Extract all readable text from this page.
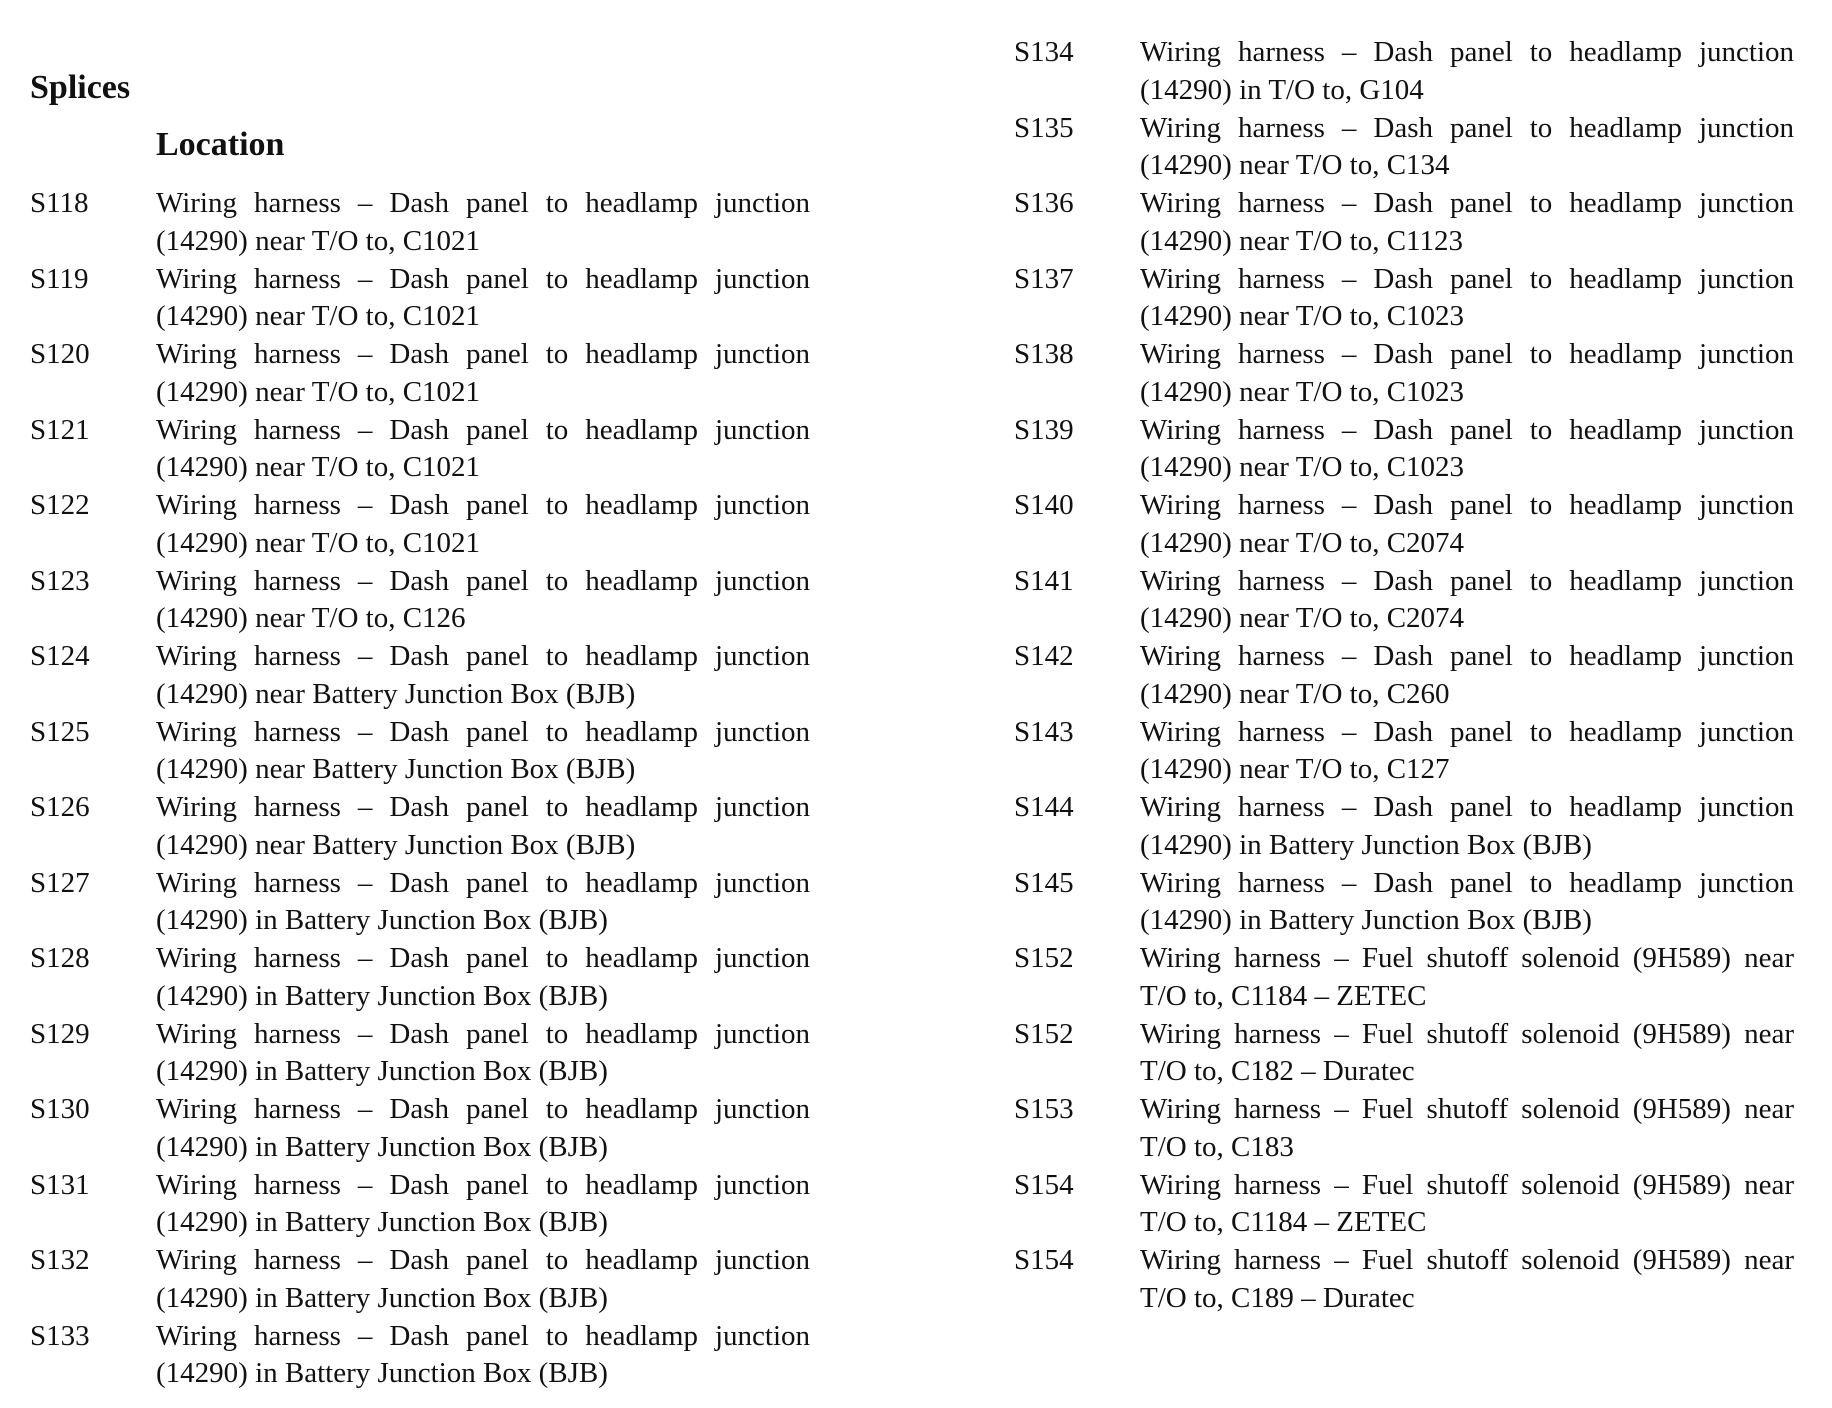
Splices
Location
S118	Wiring harness – Dash panel to headlamp junction (14290) near T/O to, C1021
S119	Wiring harness – Dash panel to headlamp junction (14290) near T/O to, C1021
S120	Wiring harness – Dash panel to headlamp junction (14290) near T/O to, C1021
S121	Wiring harness – Dash panel to headlamp junction (14290) near T/O to, C1021
S122	Wiring harness – Dash panel to headlamp junction (14290) near T/O to, C1021
S123	Wiring harness – Dash panel to headlamp junction (14290) near T/O to, C126
S124	Wiring harness – Dash panel to headlamp junction (14290) near Battery Junction Box (BJB)
S125	Wiring harness – Dash panel to headlamp junction (14290) near Battery Junction Box (BJB)
S126	Wiring harness – Dash panel to headlamp junction (14290) near Battery Junction Box (BJB)
S127	Wiring harness – Dash panel to headlamp junction (14290) in Battery Junction Box (BJB)
S128	Wiring harness – Dash panel to headlamp junction (14290) in Battery Junction Box (BJB)
S129	Wiring harness – Dash panel to headlamp junction (14290) in Battery Junction Box (BJB)
S130	Wiring harness – Dash panel to headlamp junction (14290) in Battery Junction Box (BJB)
S131	Wiring harness – Dash panel to headlamp junction (14290) in Battery Junction Box (BJB)
S132	Wiring harness – Dash panel to headlamp junction (14290) in Battery Junction Box (BJB)
S133	Wiring harness – Dash panel to headlamp junction (14290) in Battery Junction Box (BJB)
S134	Wiring harness – Dash panel to headlamp junction (14290) in T/O to, G104
S135	Wiring harness – Dash panel to headlamp junction (14290) near T/O to, C134
S136	Wiring harness – Dash panel to headlamp junction (14290) near T/O to, C1123
S137	Wiring harness – Dash panel to headlamp junction (14290) near T/O to, C1023
S138	Wiring harness – Dash panel to headlamp junction (14290) near T/O to, C1023
S139	Wiring harness – Dash panel to headlamp junction (14290) near T/O to, C1023
S140	Wiring harness – Dash panel to headlamp junction (14290) near T/O to, C2074
S141	Wiring harness – Dash panel to headlamp junction (14290) near T/O to, C2074
S142	Wiring harness – Dash panel to headlamp junction (14290) near T/O to, C260
S143	Wiring harness – Dash panel to headlamp junction (14290) near T/O to, C127
S144	Wiring harness – Dash panel to headlamp junction (14290) in Battery Junction Box (BJB)
S145	Wiring harness – Dash panel to headlamp junction (14290) in Battery Junction Box (BJB)
S152	Wiring harness – Fuel shutoff solenoid (9H589) near T/O to, C1184 – ZETEC
S152	Wiring harness – Fuel shutoff solenoid (9H589) near T/O to, C182 – Duratec
S153	Wiring harness – Fuel shutoff solenoid (9H589) near T/O to, C183
S154	Wiring harness – Fuel shutoff solenoid (9H589) near T/O to, C1184 – ZETEC
S154	Wiring harness – Fuel shutoff solenoid (9H589) near T/O to, C189 – Duratec
